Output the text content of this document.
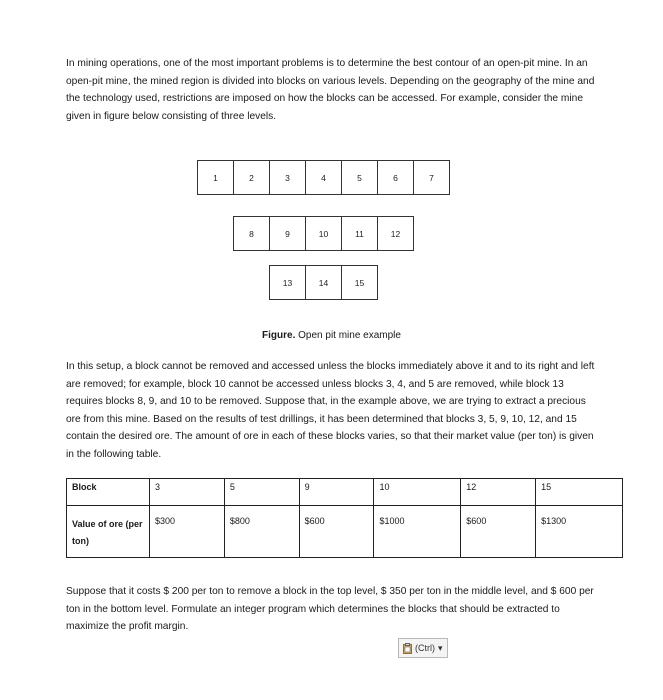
In mining operations, one of the most important problems is to determine the best contour of an open-pit mine. In an open-pit mine, the mined region is divided into blocks on various levels. Depending on the geography of the mine and the technology used, restrictions are imposed on how the blocks can be accessed. For example, consider the mine given in figure below consisting of three levels.

1	2	3	4	5	6	7
8	9	10	11	12
13	14	15
Figure. Open pit mine example

In this setup, a block cannot be removed and accessed unless the blocks immediately above it and to its right and left are removed; for example, block 10 cannot be accessed unless blocks 3, 4, and 5 are removed, while block 13 requires blocks 8, 9, and 10 to be removed. Suppose that, in the example above, we are trying to extract a precious ore from this mine. Based on the results of test drillings, it has been determined that blocks 3, 5, 9, 10, 12, and 15 contain the desired ore. The amount of ore in each of these blocks varies, so that their market value (per ton) is given in the following table.

Block	3	5	9	10	12	15
Value of ore (per ton)	$300	$800	$600	$1000	$600	$1300

Suppose that it costs $ 200 per ton to remove a block in the top level, $ 350 per ton in the middle level, and $ 600 per ton in the bottom level. Formulate an integer program which determines the blocks that should be extracted to maximize the profit margin.

(Ctrl) ▾
